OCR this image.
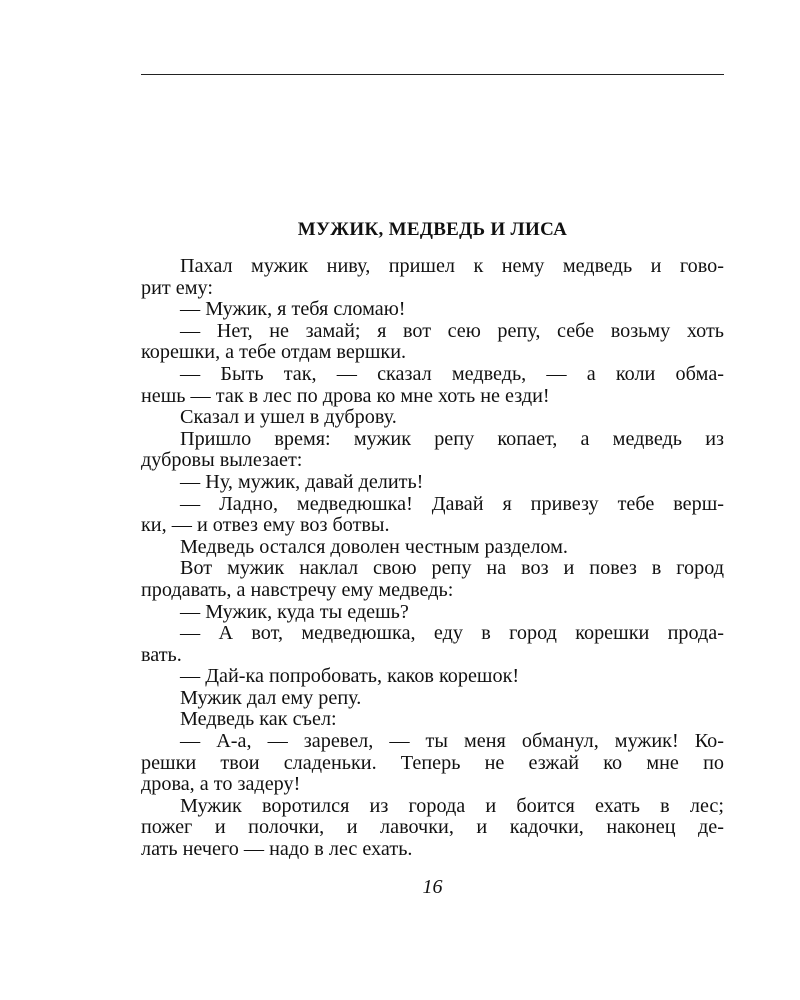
МУЖИК, МЕДВЕДЬ И ЛИСА
Пахал мужик ниву, пришел к нему медведь и гово-
рит ему:
— Мужик, я тебя сломаю!
— Нет, не замай; я вот сею репу, себе возьму хоть
корешки, а тебе отдам вершки.
— Быть так, — сказал медведь, — а коли обма-
нешь — так в лес по дрова ко мне хоть не езди!
Сказал и ушел в дуброву.
Пришло время: мужик репу копает, а медведь из
дубровы вылезает:
— Ну, мужик, давай делить!
— Ладно, медведюшка! Давай я привезу тебе верш-
ки, — и отвез ему воз ботвы.
Медведь остался доволен честным разделом.
Вот мужик наклал свою репу на воз и повез в город
продавать, а навстречу ему медведь:
— Мужик, куда ты едешь?
— А вот, медведюшка, еду в город корешки прода-
вать.
— Дай-ка попробовать, каков корешок!
Мужик дал ему репу.
Медведь как съел:
— А-а, — заревел, — ты меня обманул, мужик! Ко-
решки твои сладеньки. Теперь не езжай ко мне по
дрова, а то задеру!
Мужик воротился из города и боится ехать в лес;
пожег и полочки, и лавочки, и кадочки, наконец де-
лать нечего — надо в лес ехать.
16
